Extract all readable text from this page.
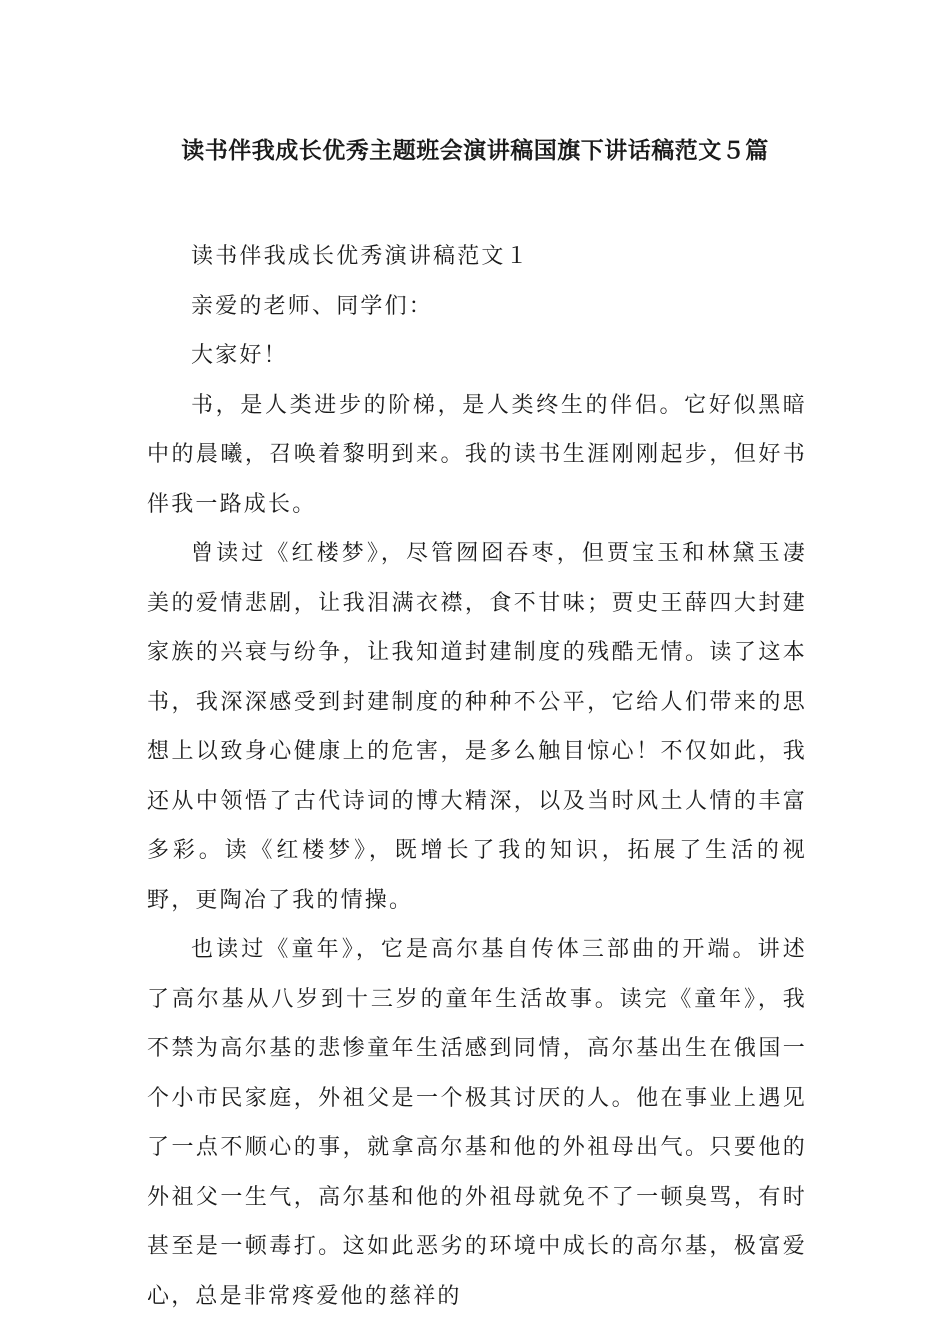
读书伴我成长优秀主题班会演讲稿国旗下讲话稿范文５篇

读书伴我成长优秀演讲稿范文１

亲爱的老师、同学们：

大家好！

书，是人类进步的阶梯，是人类终生的伴侣。它好似黑暗中的晨曦，召唤着黎明到来。我的读书生涯刚刚起步，但好书伴我一路成长。

曾读过《红楼梦》，尽管囫囵吞枣，但贾宝玉和林黛玉凄美的爱情悲剧，让我泪满衣襟，食不甘味；贾史王薛四大封建家族的兴衰与纷争，让我知道封建制度的残酷无情。读了这本书，我深深感受到封建制度的种种不公平，它给人们带来的思想上以致身心健康上的危害，是多么触目惊心！不仅如此，我还从中领悟了古代诗词的博大精深，以及当时风土人情的丰富多彩。读《红楼梦》，既增长了我的知识，拓展了生活的视野，更陶冶了我的情操。

也读过《童年》，它是高尔基自传体三部曲的开端。讲述了高尔基从八岁到十三岁的童年生活故事。读完《童年》，我不禁为高尔基的悲惨童年生活感到同情，高尔基出生在俄国一个小市民家庭，外祖父是一个极其讨厌的人。他在事业上遇见了一点不顺心的事，就拿高尔基和他的外祖母出气。只要他的外祖父一生气，高尔基和他的外祖母就免不了一顿臭骂，有时甚至是一顿毒打。这如此恶劣的环境中成长的高尔基，极富爱心，总是非常疼爱他的慈祥的
